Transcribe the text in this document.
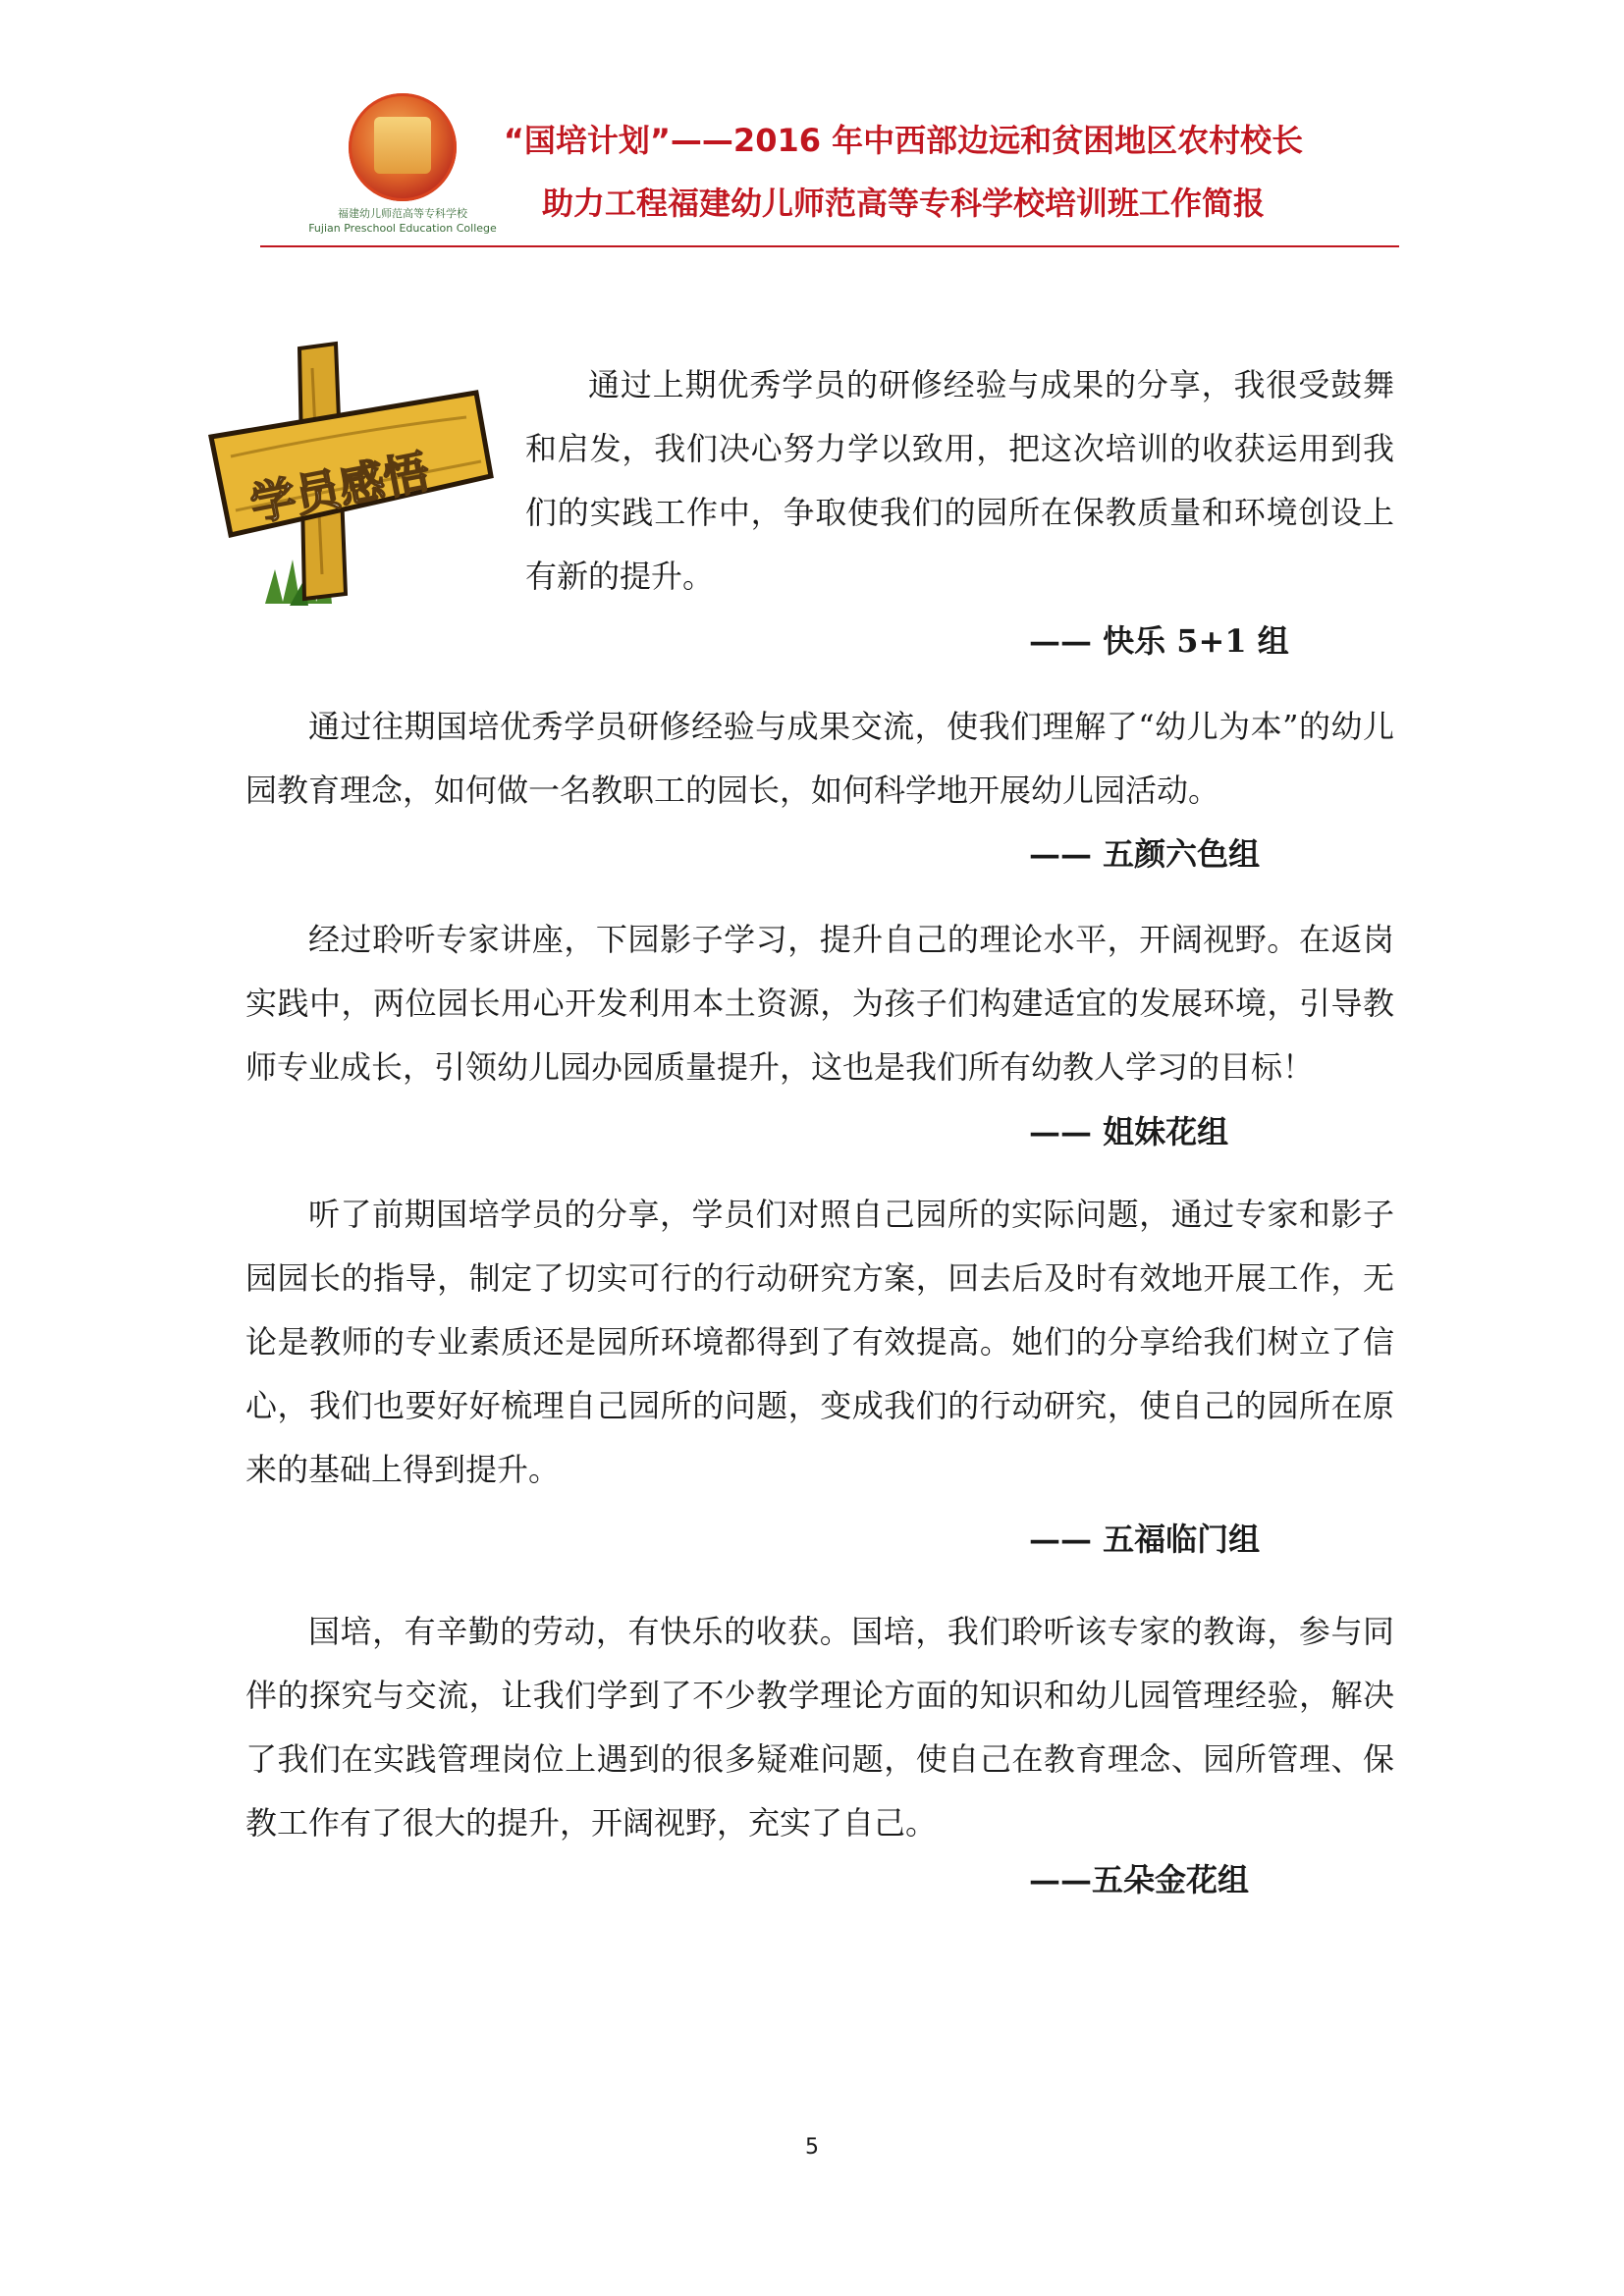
福建幼儿师范高等专科学校
Fujian Preschool Education College
“国培计划”——2016 年中西部边远和贫困地区农村校长
助力工程福建幼儿师范高等专科学校培训班工作简报
学员感悟

通过上期优秀学员的研修经验与成果的分享，我很受鼓舞和启发，我们决心努力学以致用，把这次培训的收获运用到我们的实践工作中，争取使我们的园所在保教质量和环境创设上有新的提升。

—— 快乐 5+1 组

通过往期国培优秀学员研修经验与成果交流，使我们理解了“幼儿为本”的幼儿园教育理念，如何做一名教职工的园长，如何科学地开展幼儿园活动。

—— 五颜六色组

经过聆听专家讲座，下园影子学习，提升自己的理论水平，开阔视野。在返岗实践中，两位园长用心开发利用本土资源，为孩子们构建适宜的发展环境，引导教师专业成长，引领幼儿园办园质量提升，这也是我们所有幼教人学习的目标！

—— 姐妹花组

听了前期国培学员的分享，学员们对照自己园所的实际问题，通过专家和影子园园长的指导，制定了切实可行的行动研究方案，回去后及时有效地开展工作，无论是教师的专业素质还是园所环境都得到了有效提高。她们的分享给我们树立了信心，我们也要好好梳理自己园所的问题，变成我们的行动研究，使自己的园所在原来的基础上得到提升。

—— 五福临门组

国培，有辛勤的劳动，有快乐的收获。国培，我们聆听该专家的教诲，参与同伴的探究与交流，让我们学到了不少教学理论方面的知识和幼儿园管理经验，解决了我们在实践管理岗位上遇到的很多疑难问题，使自己在教育理念、园所管理、保教工作有了很大的提升，开阔视野，充实了自己。

——五朵金花组
5
